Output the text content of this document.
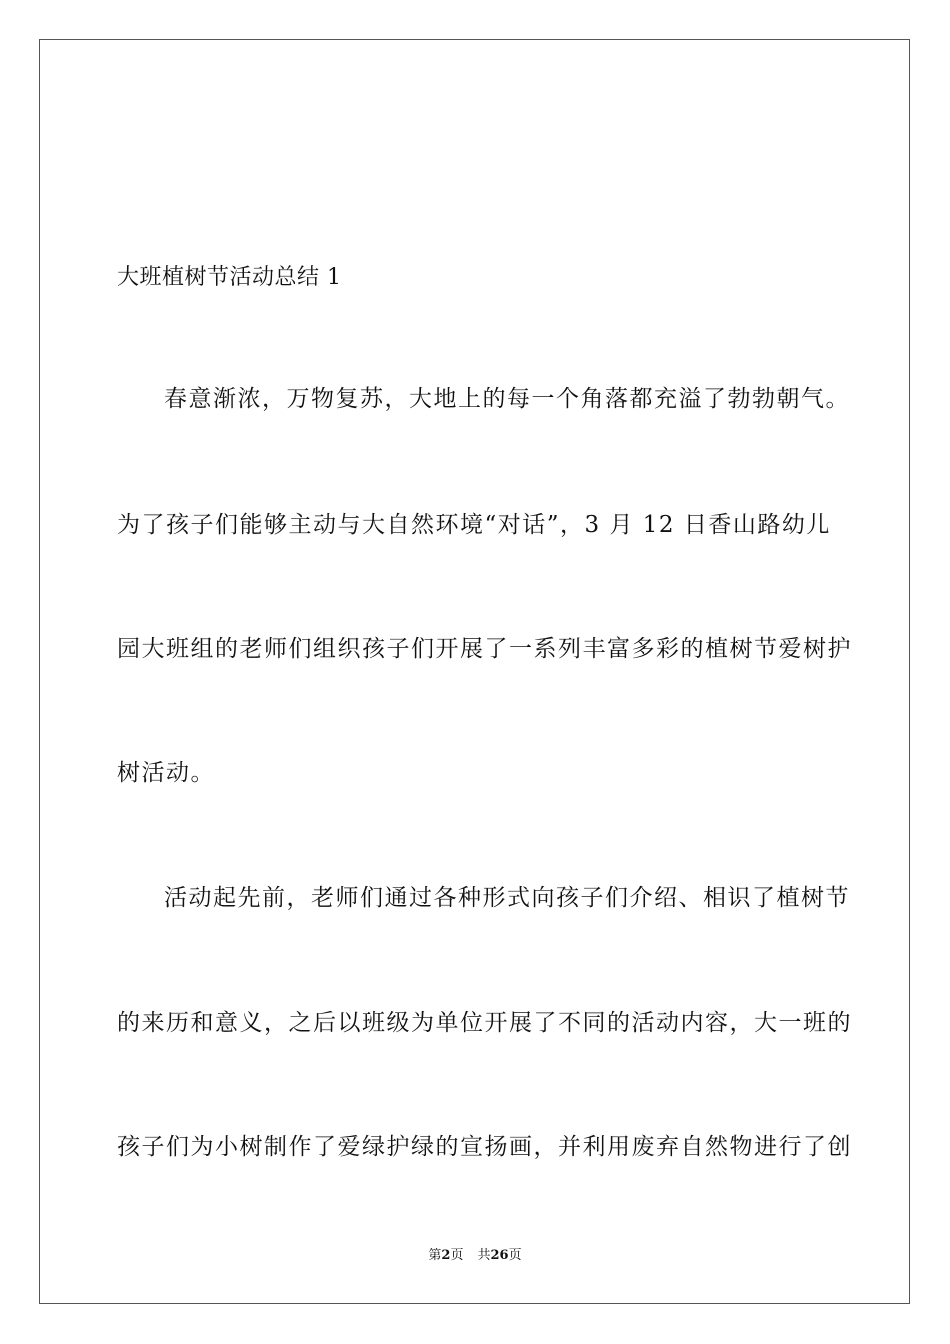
大班植树节活动总结 1
春意渐浓，万物复苏，大地上的每一个角落都充溢了勃勃朝气。
为了孩子们能够主动与大自然环境“对话”，3 月 12 日香山路幼儿
园大班组的老师们组织孩子们开展了一系列丰富多彩的植树节爱树护
树活动。
活动起先前，老师们通过各种形式向孩子们介绍、相识了植树节
的来历和意义，之后以班级为单位开展了不同的活动内容，大一班的
孩子们为小树制作了爱绿护绿的宣扬画，并利用废弃自然物进行了创
第2页 共26页
